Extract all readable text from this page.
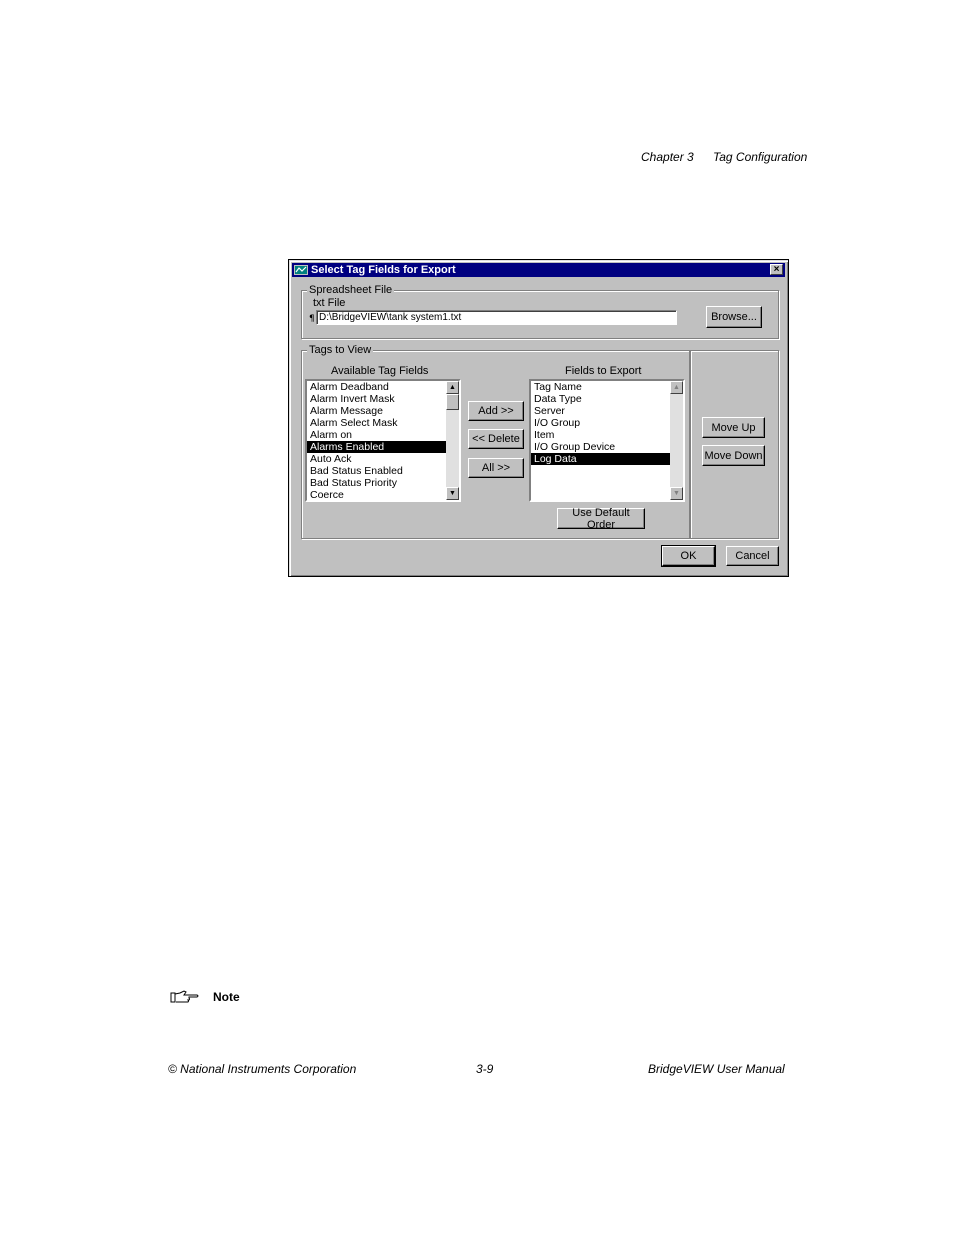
Chapter 3 Tag Configuration
Select Tag Fields for Export	×
Spreadsheet File
txt File
¶ D:\BridgeVIEW\tank system1.txt	Browse...
Tags to View
Available Tag Fields	Fields to Export
Alarm Deadband
Alarm Invert Mask
Alarm Message
Alarm Select Mask
Alarm on
Alarms Enabled
Auto Ack
Bad Status Enabled
Bad Status Priority
Coerce
▲
▼
Add >>
<< Delete
All >>
Tag Name
Data Type
Server
I/O Group
Item
I/O Group Device
Log Data
▲
▼
Use Default Order
Move Up
Move Down
OK	Cancel
Note
© National Instruments Corporation	3-9	BridgeVIEW User Manual
